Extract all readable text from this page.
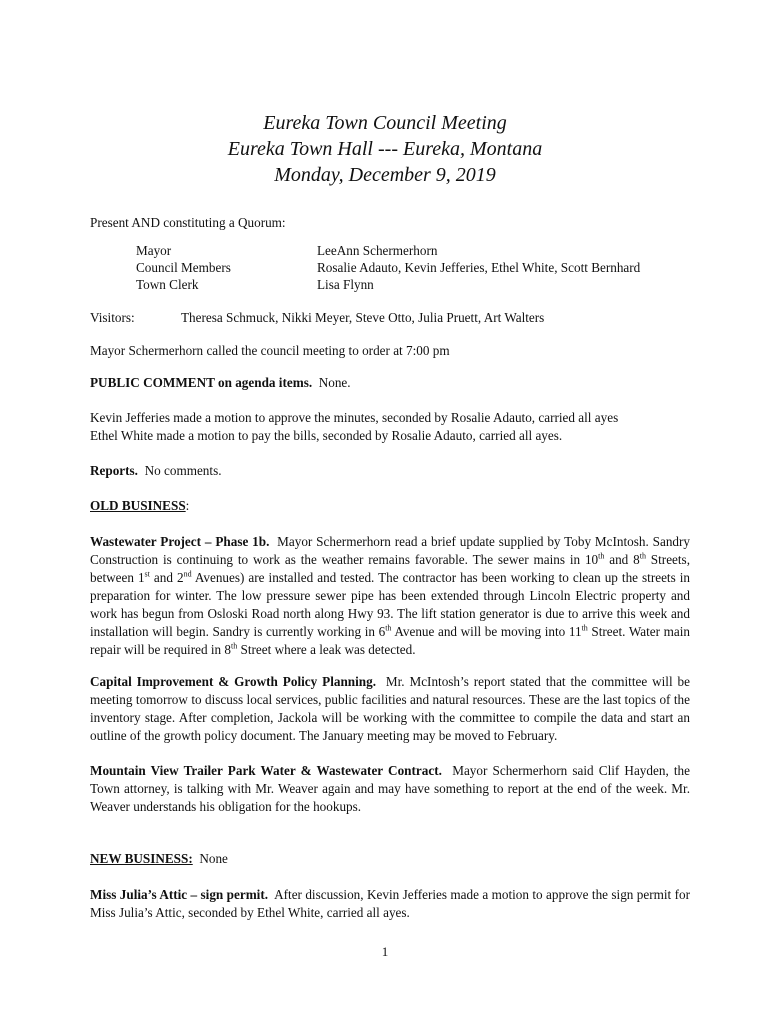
Eureka Town Council Meeting
Eureka Town Hall --- Eureka, Montana
Monday, December 9, 2019
Present AND constituting a Quorum:
Mayor	LeeAnn Schermerhorn
Council Members	Rosalie Adauto, Kevin Jefferies, Ethel White, Scott Bernhard
Town Clerk	Lisa Flynn
Visitors:	Theresa Schmuck, Nikki Meyer, Steve Otto, Julia Pruett, Art Walters
Mayor Schermerhorn called the council meeting to order at 7:00 pm
PUBLIC COMMENT on agenda items. None.

Kevin Jefferies made a motion to approve the minutes, seconded by Rosalie Adauto, carried all ayes

Ethel White made a motion to pay the bills, seconded by Rosalie Adauto, carried all ayes.

Reports. No comments.
OLD BUSINESS:
Wastewater Project – Phase 1b. Mayor Schermerhorn read a brief update supplied by Toby McIntosh. Sandry Construction is continuing to work as the weather remains favorable. The sewer mains in 10th and 8th Streets, between 1st and 2nd Avenues) are installed and tested. The contractor has been working to clean up the streets in preparation for winter. The low pressure sewer pipe has been extended through Lincoln Electric property and work has begun from Osloski Road north along Hwy 93. The lift station generator is due to arrive this week and installation will begin. Sandry is currently working in 6th Avenue and will be moving into 11th Street. Water main repair will be required in 8th Street where a leak was detected.
Capital Improvement & Growth Policy Planning. Mr. McIntosh’s report stated that the committee will be meeting tomorrow to discuss local services, public facilities and natural resources. These are the last topics of the inventory stage. After completion, Jackola will be working with the committee to compile the data and start an outline of the growth policy document. The January meeting may be moved to February.
Mountain View Trailer Park Water & Wastewater Contract. Mayor Schermerhorn said Clif Hayden, the Town attorney, is talking with Mr. Weaver again and may have something to report at the end of the week. Mr. Weaver understands his obligation for the hookups.
NEW BUSINESS: None
Miss Julia’s Attic – sign permit. After discussion, Kevin Jefferies made a motion to approve the sign permit for Miss Julia’s Attic, seconded by Ethel White, carried all ayes.
1
